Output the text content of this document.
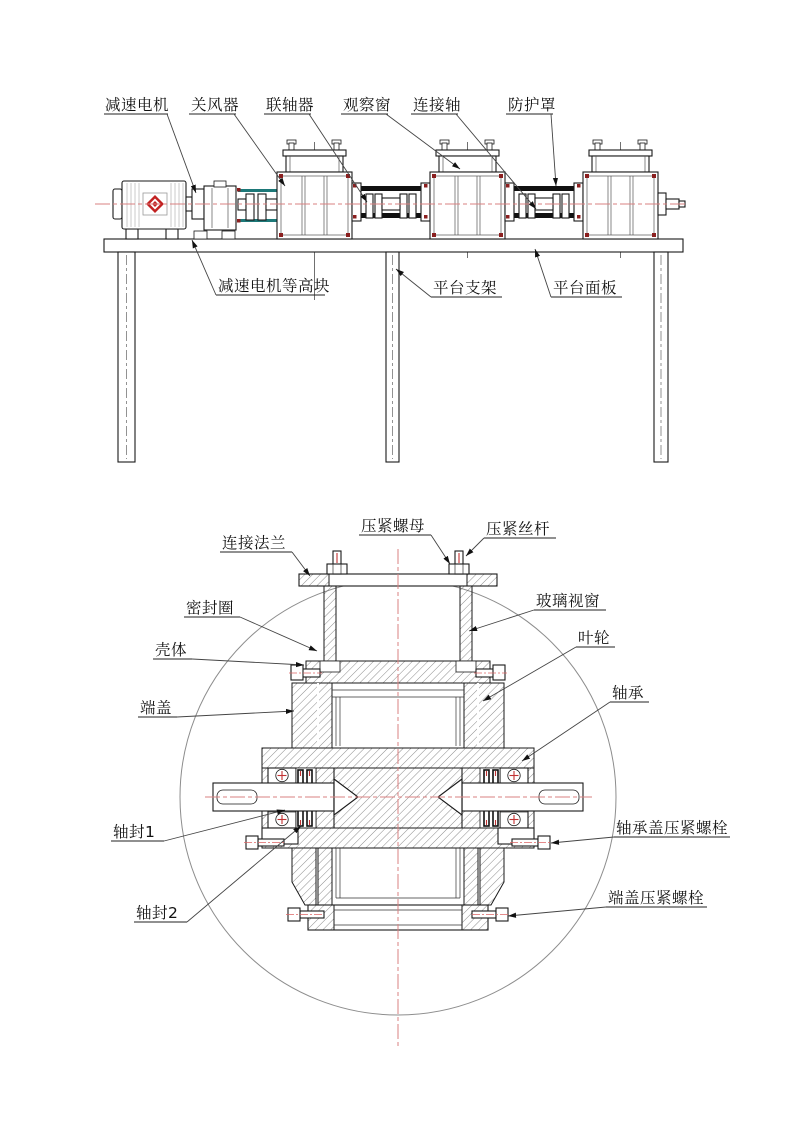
减速电机 关风器 联轴器 观察窗 连接轴	防护罩
减速电机等高块	平台支架	平台面板
连接法兰
压紧螺母	压紧丝杆
密封圈	玻璃视窗
壳体
叶轮
端盖
轴承
轴封1	轴承盖压紧螺栓
轴封2
端盖压紧螺栓
